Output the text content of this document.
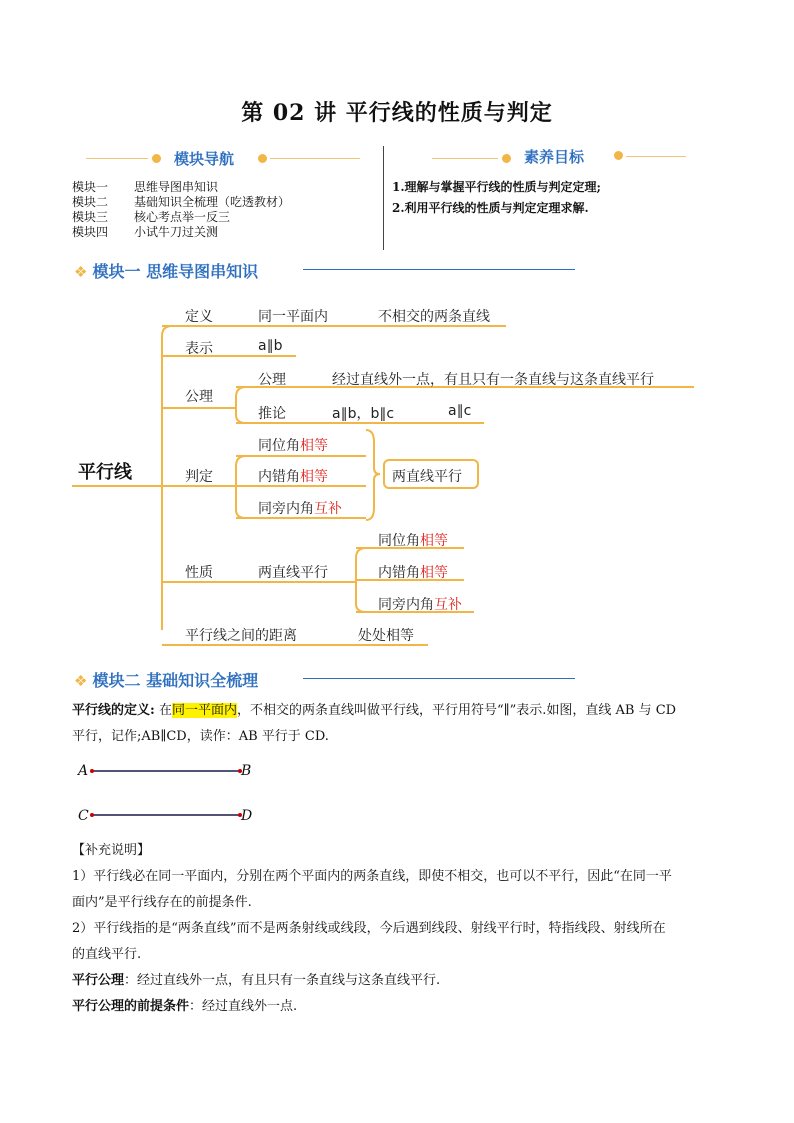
第 02 讲 平行线的性质与判定
模块导航
模块一	思维导图串知识
模块二	基础知识全梳理（吃透教材）
模块三	核心考点举一反三
模块四	小试牛刀过关测
素养目标
1.理解与掌握平行线的性质与判定定理;
2.利用平行线的性质与判定定理求解.
❖ 模块一 思维导图串知识
平行线
定义	同一平面内	不相交的两条直线
表示	a∥b
公理
公理	经过直线外一点，有且只有一条直线与这条直线平行
推论	a∥b，b∥c	a∥c
判定
同位角相等
内错角相等
同旁内角互补
两直线平行
性质	两直线平行
同位角相等
内错角相等
同旁内角互补
平行线之间的距离	处处相等
❖ 模块二 基础知识全梳理
平行线的定义: 在同一平面内，不相交的两条直线叫做平行线，平行用符号“∥”表示.如图，直线 AB 与 CD
平行，记作;AB∥CD，读作：AB 平行于 CD.
A	B
C	D
【补充说明】
1）平行线必在同一平面内，分别在两个平面内的两条直线，即使不相交，也可以不平行，因此“在同一平
面内”是平行线存在的前提条件.
2）平行线指的是“两条直线”而不是两条射线或线段，今后遇到线段、射线平行时，特指线段、射线所在
的直线平行.
平行公理：经过直线外一点，有且只有一条直线与这条直线平行.
平行公理的前提条件：经过直线外一点.
